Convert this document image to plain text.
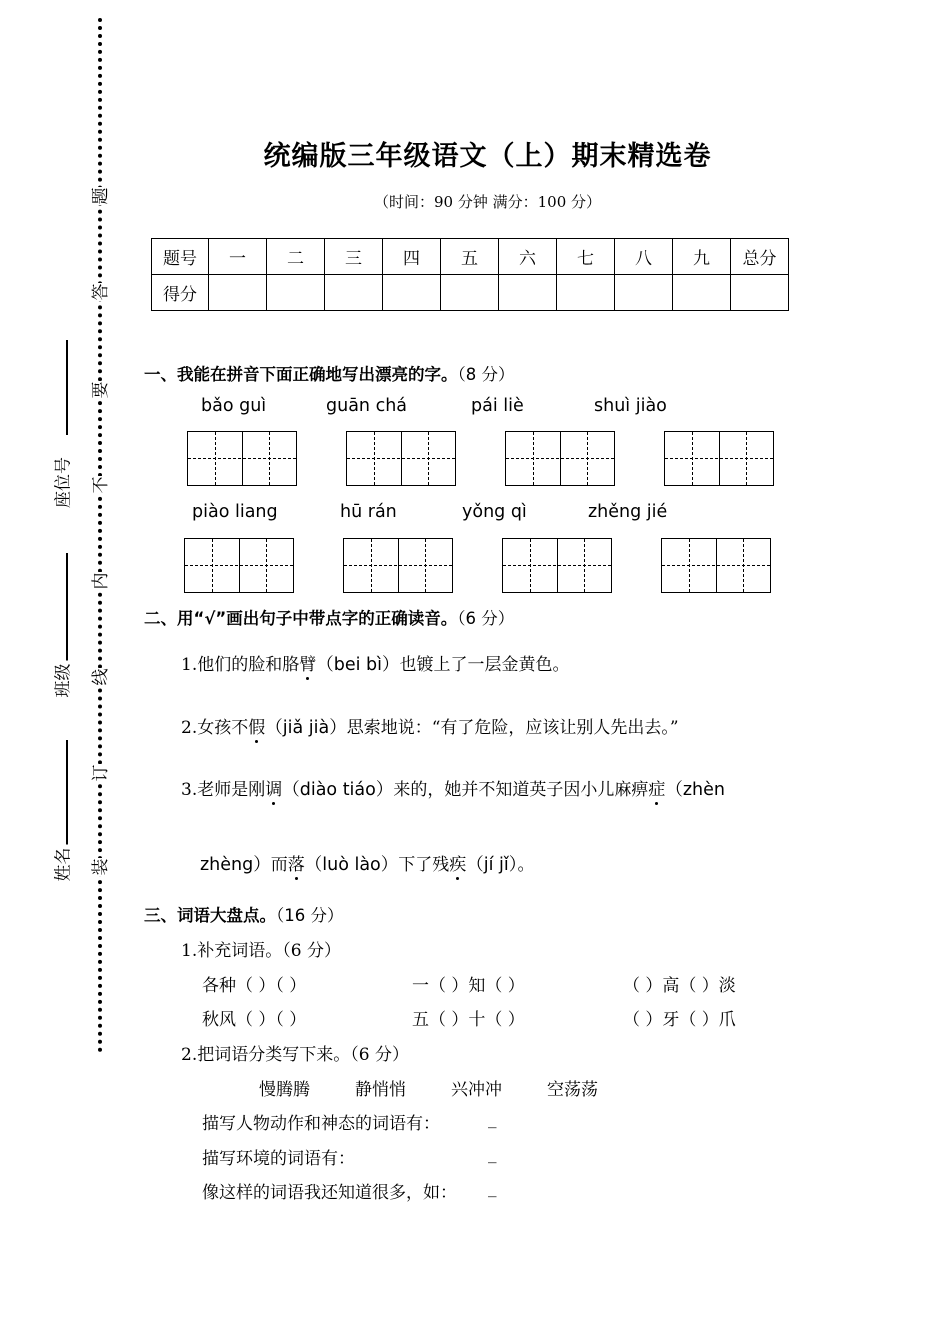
题
答
要
不
内
线
订
装
座位号
班级
姓名
统编版三年级语文（上）期末精选卷
（时间：90 分钟 满分：100 分）
题号	一	二	三	四	五	六	七	八	九	总分
得分										
一、我能在拼音下面正确地写出漂亮的字。（8 分）
bǎo guì	guān chá	pái liè	shuì jiào
piào liang	hū rán	yǒng qì	zhěng jié
二、用“√”画出句子中带点字的正确读音。（6 分）
1.他们的脸和胳臂（bei bì）也镀上了一层金黄色。
2.女孩不假（jiǎ jià）思索地说：“有了危险，应该让别人先出去。”
3.老师是刚调（diào tiáo）来的，她并不知道英子因小儿麻痹症（zhèn
zhèng）而落（luò lào）下了残疾（jí jǐ）。
三、词语大盘点。（16 分）
1.补充词语。（6 分）
各种（ ）（ ）	一（ ）知（ ）	（ ）高（ ）淡
秋风（ ）（ ）	五（ ）十（ ）	（ ）牙（ ）爪
2.把词语分类写下来。（6 分）
慢腾腾	静悄悄	兴冲冲	空荡荡
描写人物动作和神态的词语有：	_
描写环境的词语有：	_
像这样的词语我还知道很多，如： _
